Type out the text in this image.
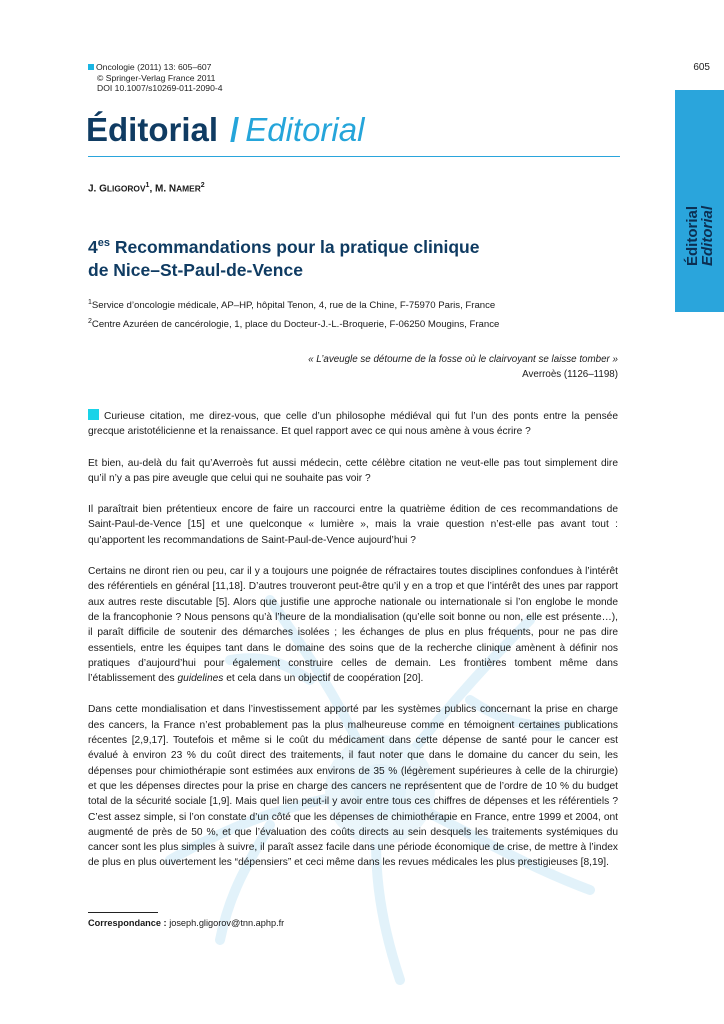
Oncologie (2011) 13: 605–607
© Springer-Verlag France 2011
DOI 10.1007/s10269-011-2090-4
605
Éditorial
Editorial
Éditorial / Editorial
J. GLIGOROV$^1$, M. NAMER$^2$
$4^{es}$ Recommandations pour la pratique clinique
de Nice–St-Paul-de-Vence
$^1$Service d’oncologie médicale, AP–HP, hôpital Tenon, 4, rue de la Chine, F-75970 Paris, France
$^2$Centre Azuréen de cancérologie, 1, place du Docteur-J.-L.-Broquerie, F-06250 Mougins, France
« L’aveugle se détourne de la fosse où le clairvoyant se laisse tomber »
Averroès (1126–1198)

Curieuse citation, me direz-vous, que celle d’un philosophe médiéval qui fut l’un des ponts entre la pensée grecque aristotélicienne et la renaissance. Et quel rapport avec ce qui nous amène à vous écrire ?

Et bien, au-delà du fait qu’Averroès fut aussi médecin, cette célèbre citation ne veut-elle pas tout simplement dire qu’il n’y a pas pire aveugle que celui qui ne souhaite pas voir ?

Il paraîtrait bien prétentieux encore de faire un raccourci entre la quatrième édition de ces recommandations de Saint-Paul-de-Vence [15] et une quelconque « lumière », mais la vraie question n’est-elle pas avant tout : qu’apportent les recommandations de Saint-Paul-de-Vence aujourd’hui ?

Certains ne diront rien ou peu, car il y a toujours une poignée de réfractaires toutes disciplines confondues à l’intérêt des référentiels en général [11,18]. D’autres trouveront peut-être qu’il y en a trop et que l’intérêt des unes par rapport aux autres reste discutable [5]. Alors que justifie une approche nationale ou internationale si l’on englobe le monde de la francophonie ? Nous pensons qu’à l’heure de la mondialisation (qu’elle soit bonne ou non, elle est présente…), il paraît difficile de soutenir des démarches isolées ; les échanges de plus en plus fréquents, pour ne pas dire essentiels, entre les équipes tant dans le domaine des soins que de la recherche clinique amènent à définir nos pratiques d’aujourd’hui pour également construire celles de demain. Les frontières tombent même dans l’établissement des guidelines et cela dans un objectif de coopération [20].

Dans cette mondialisation et dans l’investissement apporté par les systèmes publics concernant la prise en charge des cancers, la France n’est probablement pas la plus malheureuse comme en témoignent certaines publications récentes [2,9,17]. Toutefois et même si le coût du médicament dans cette dépense de santé pour le cancer est évalué à environ 23 % du coût direct des traitements, il faut noter que dans le domaine du cancer du sein, les dépenses pour chimiothérapie sont estimées aux environs de 35 % (légèrement supérieures à celle de la chirurgie) et que les dépenses directes pour la prise en charge des cancers ne représentent que de l’ordre de 10 % du budget total de la sécurité sociale [1,9]. Mais quel lien peut-il y avoir entre tous ces chiffres de dépenses et les référentiels ? C’est assez simple, si l’on constate d’un côté que les dépenses de chimiothérapie en France, entre 1999 et 2004, ont augmenté de près de 50 %, et que l’évaluation des coûts directs au sein desquels les traitements systémiques du cancer sont les plus simples à suivre, il paraît assez facile dans une période économique de crise, de mettre à l’index de plus en plus ouvertement les “dépensiers” et ceci même dans les revues médicales les plus prestigieuses [8,19].

Correspondance : joseph.gligorov@tnn.aphp.fr
